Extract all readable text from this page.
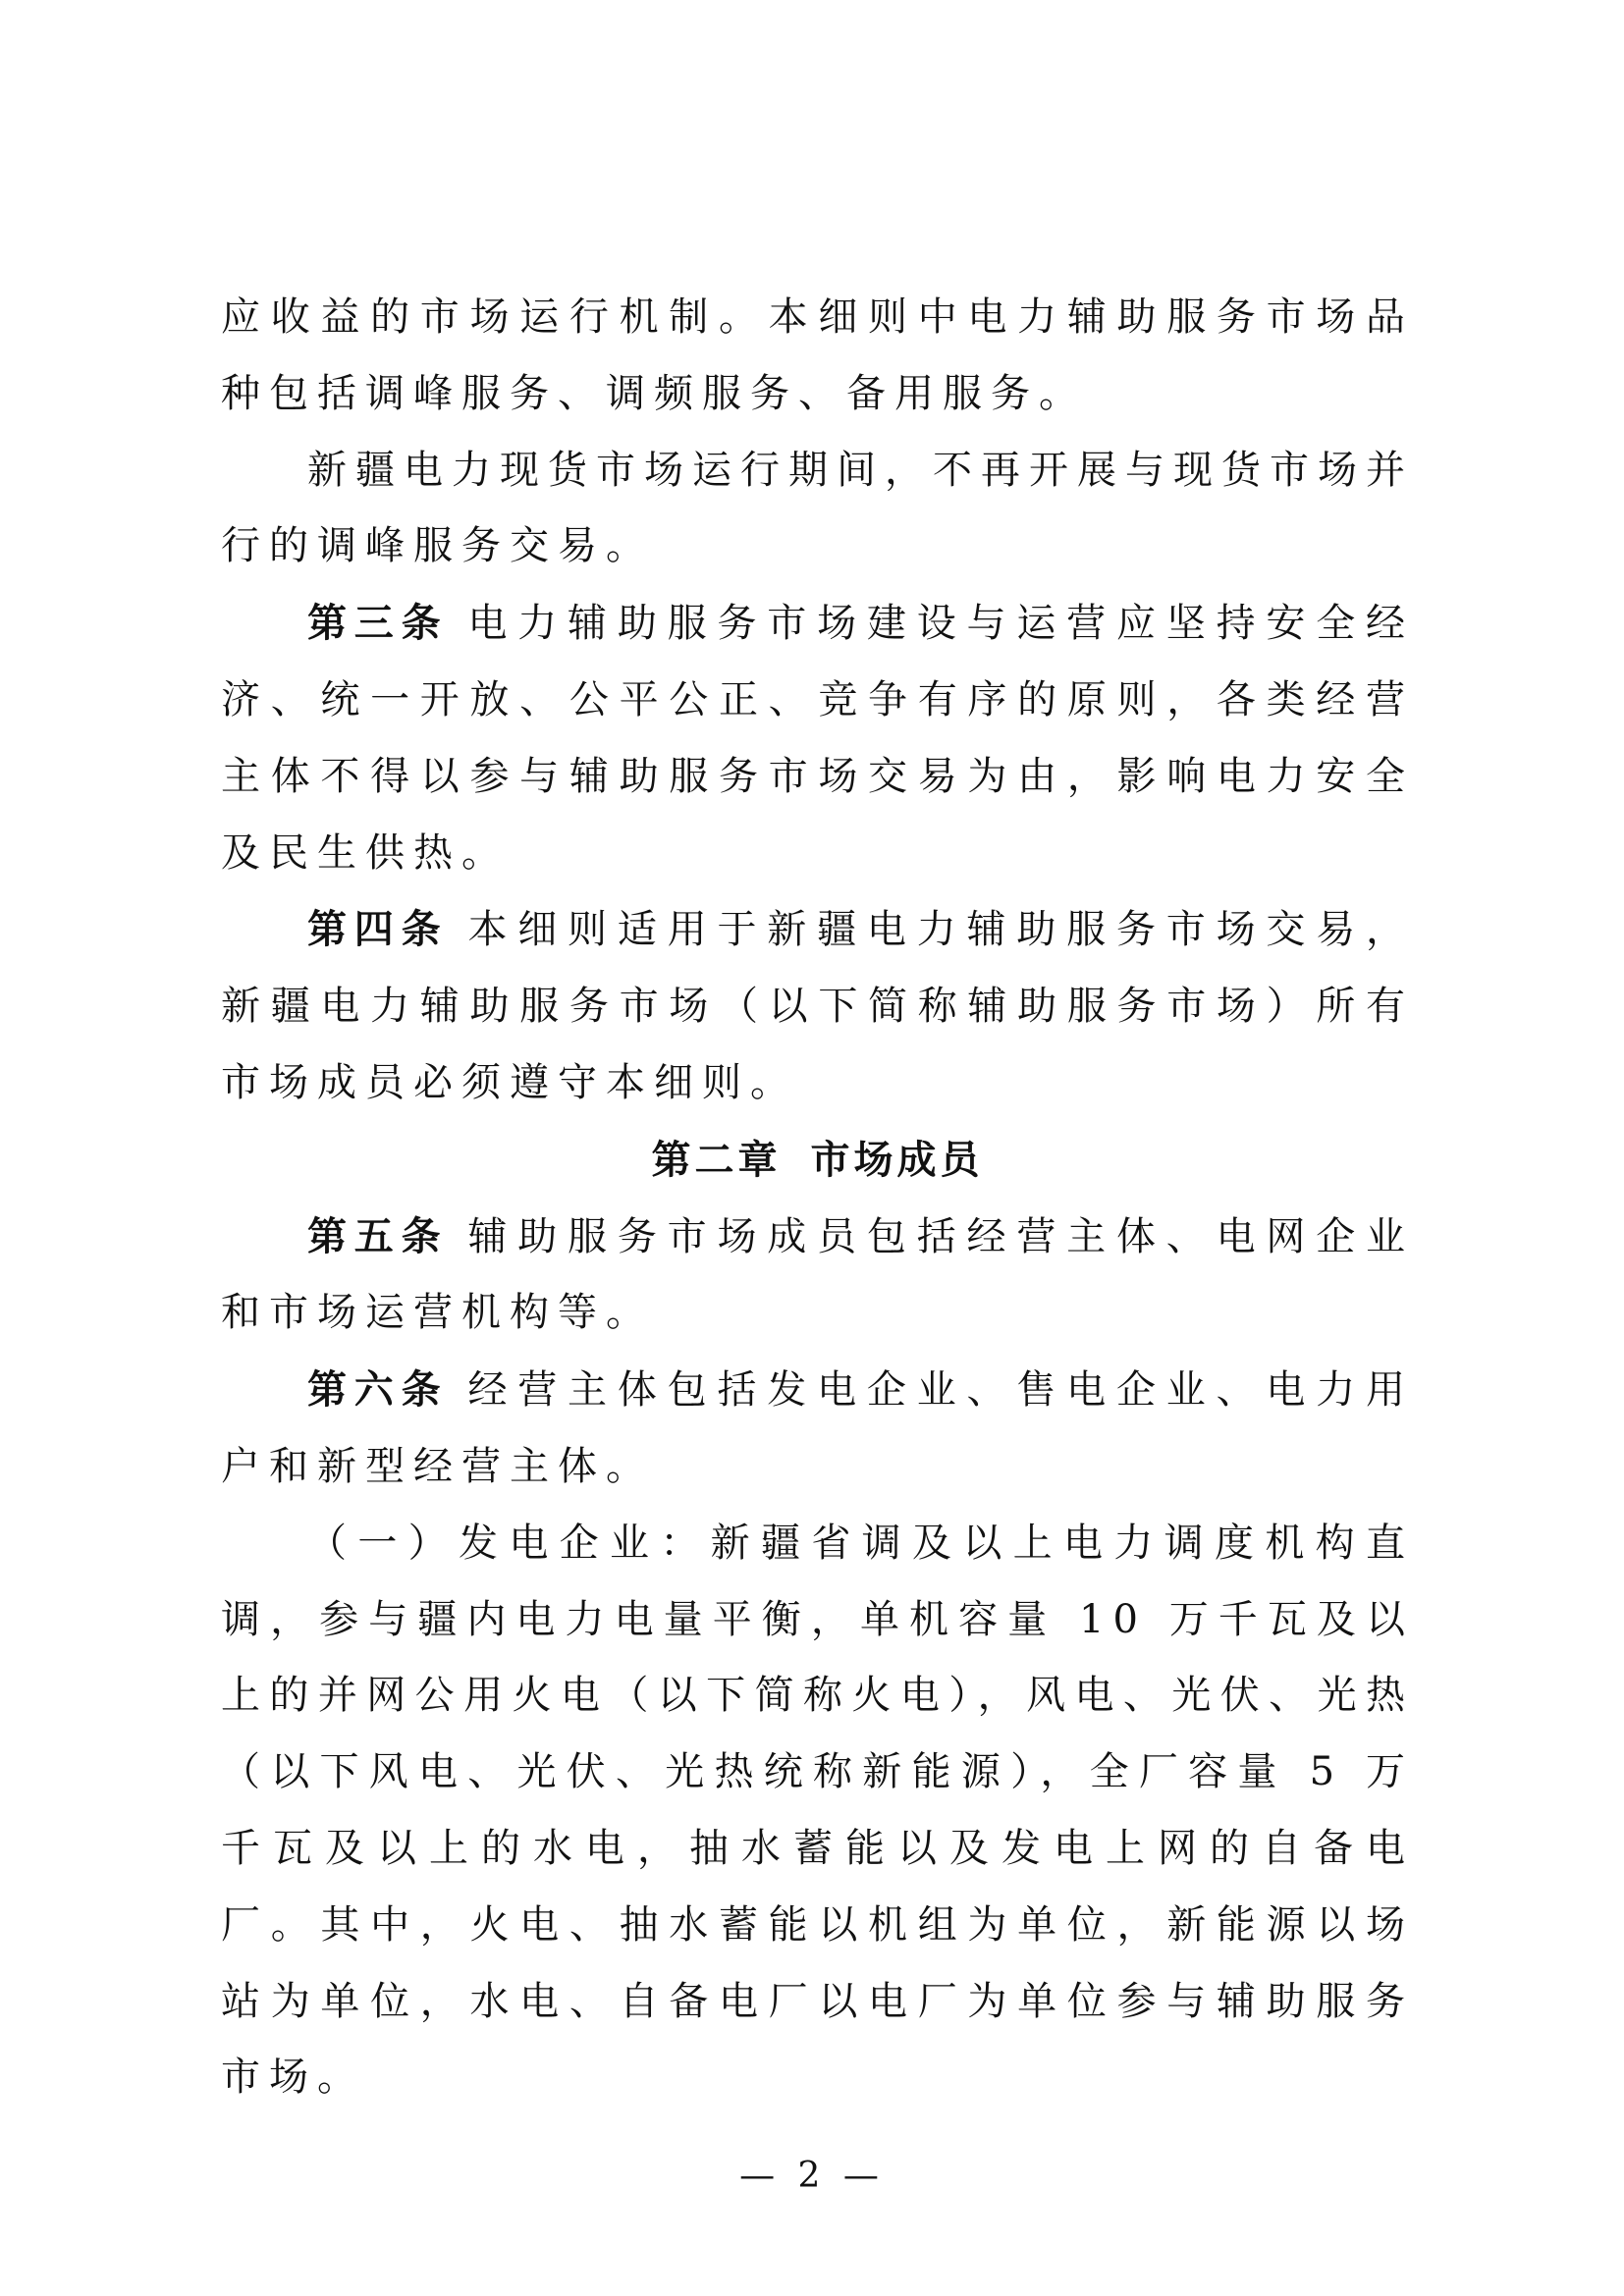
应收益的市场运行机制。本细则中电力辅助服务市场品种包括调峰服务、调频服务、备用服务。

新疆电力现货市场运行期间，不再开展与现货市场并行的调峰服务交易。

第三条 电力辅助服务市场建设与运营应坚持安全经济、统一开放、公平公正、竞争有序的原则，各类经营主体不得以参与辅助服务市场交易为由，影响电力安全及民生供热。

第四条 本细则适用于新疆电力辅助服务市场交易，新疆电力辅助服务市场（以下简称辅助服务市场）所有市场成员必须遵守本细则。

第二章 市场成员

第五条 辅助服务市场成员包括经营主体、电网企业和市场运营机构等。

第六条 经营主体包括发电企业、售电企业、电力用户和新型经营主体。

（一）发电企业：新疆省调及以上电力调度机构直调，参与疆内电力电量平衡，单机容量 10 万千瓦及以上的并网公用火电（以下简称火电），风电、光伏、光热（以下风电、光伏、光热统称新能源），全厂容量 5 万千瓦及以上的水电，抽水蓄能以及发电上网的自备电厂。其中，火电、抽水蓄能以机组为单位，新能源以场站为单位，水电、自备电厂以电厂为单位参与辅助服务市场。

— 2 —
